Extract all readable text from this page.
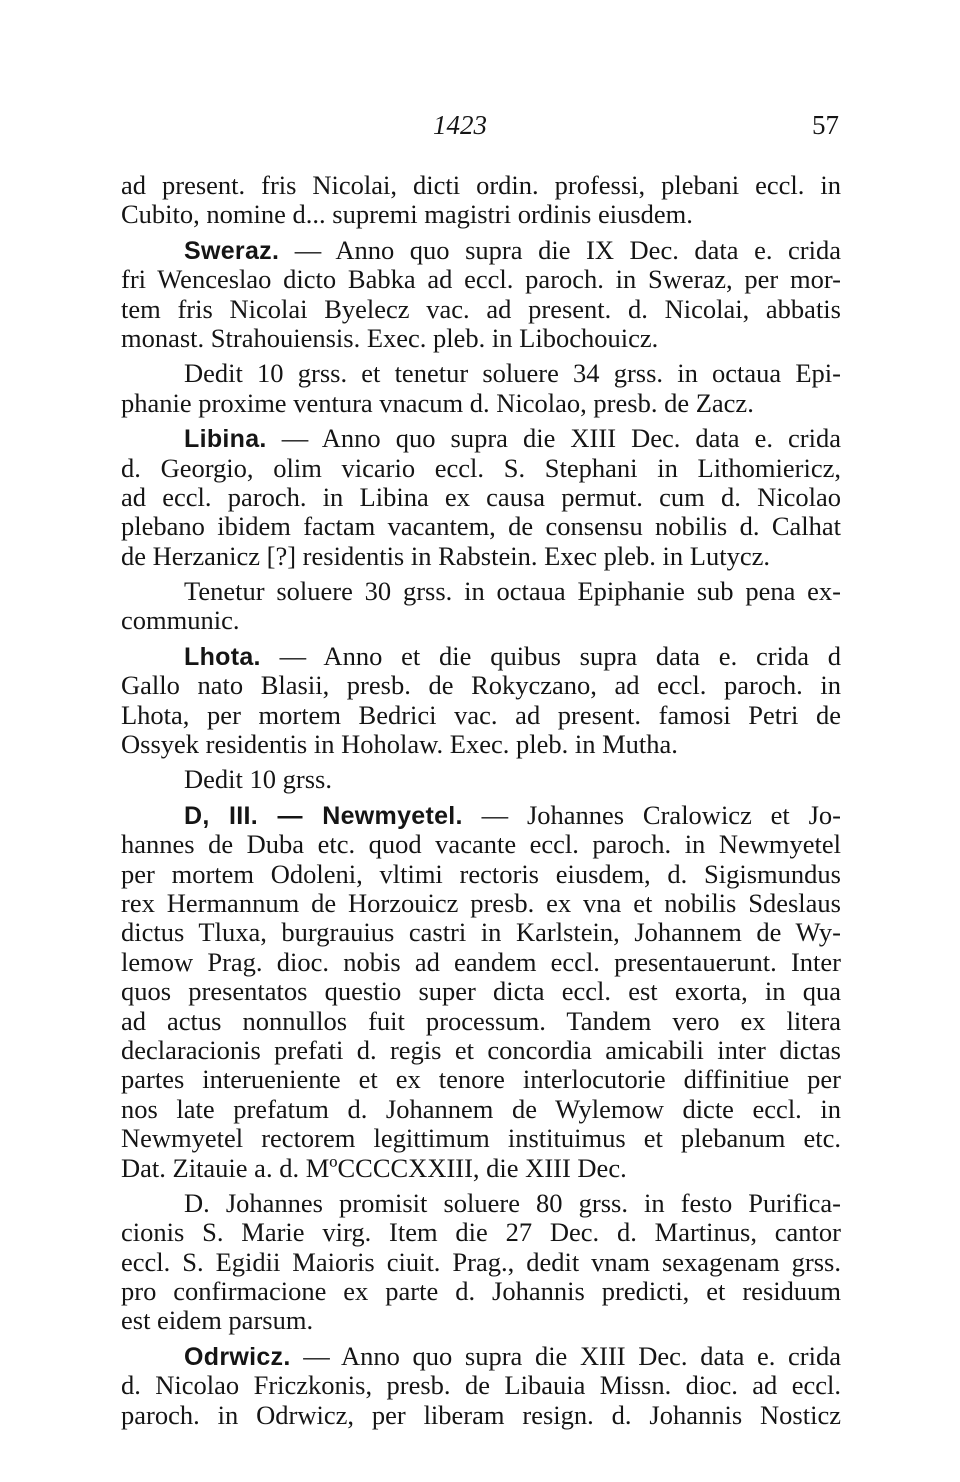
1423	57
ad present. fris Nicolai, dicti ordin. professi, plebani eccl. in
Cubito, nomine d... supremi magistri ordinis eiusdem.
Sweraz. — Anno quo supra die IX Dec. data e. crida
fri Wenceslao dicto Babka ad eccl. paroch. in Sweraz, per mor-
tem fris Nicolai Byelecz vac. ad present. d. Nicolai, abbatis
monast. Strahouiensis. Exec. pleb. in Libochouicz.
Dedit 10 grss. et tenetur soluere 34 grss. in octaua Epi-
phanie proxime ventura vnacum d. Nicolao, presb. de Zacz.
Libina. — Anno quo supra die XIII Dec. data e. crida
d. Georgio, olim vicario eccl. S. Stephani in Lithomiericz,
ad eccl. paroch. in Libina ex causa permut. cum d. Nicolao
plebano ibidem factam vacantem, de consensu nobilis d. Calhat
de Herzanicz [?] residentis in Rabstein. Exec pleb. in Lutycz.
Tenetur soluere 30 grss. in octaua Epiphanie sub pena ex-
communic.
Lhota. — Anno et die quibus supra data e. crida d
Gallo nato Blasii, presb. de Rokyczano, ad eccl. paroch. in
Lhota, per mortem Bedrici vac. ad present. famosi Petri de
Ossyek residentis in Hoholaw. Exec. pleb. in Mutha.
Dedit 10 grss.
D, III. — Newmyetel. — Johannes Cralowicz et Jo-
hannes de Duba etc. quod vacante eccl. paroch. in Newmyetel
per mortem Odoleni, vltimi rectoris eiusdem, d. Sigismundus
rex Hermannum de Horzouicz presb. ex vna et nobilis Sdeslaus
dictus Tluxa, burgrauius castri in Karlstein, Johannem de Wy-
lemow Prag. dioc. nobis ad eandem eccl. presentauerunt. Inter
quos presentatos questio super dicta eccl. est exorta, in qua
ad actus nonnullos fuit processum. Tandem vero ex litera
declaracionis prefati d. regis et concordia amicabili inter dictas
partes interueniente et ex tenore interlocutorie diffinitiue per
nos late prefatum d. Johannem de Wylemow dicte eccl. in
Newmyetel rectorem legittimum instituimus et plebanum etc.
Dat. Zitauie a. d. MºCCCCXXIII, die XIII Dec.
D. Johannes promisit soluere 80 grss. in festo Purifica-
cionis S. Marie virg. Item die 27 Dec. d. Martinus, cantor
eccl. S. Egidii Maioris ciuit. Prag., dedit vnam sexagenam grss.
pro confirmacione ex parte d. Johannis predicti, et residuum
est eidem parsum.
Odrwicz. — Anno quo supra die XIII Dec. data e. crida
d. Nicolao Friczkonis, presb. de Libauia Missn. dioc. ad eccl.
paroch. in Odrwicz, per liberam resign. d. Johannis Nosticz
